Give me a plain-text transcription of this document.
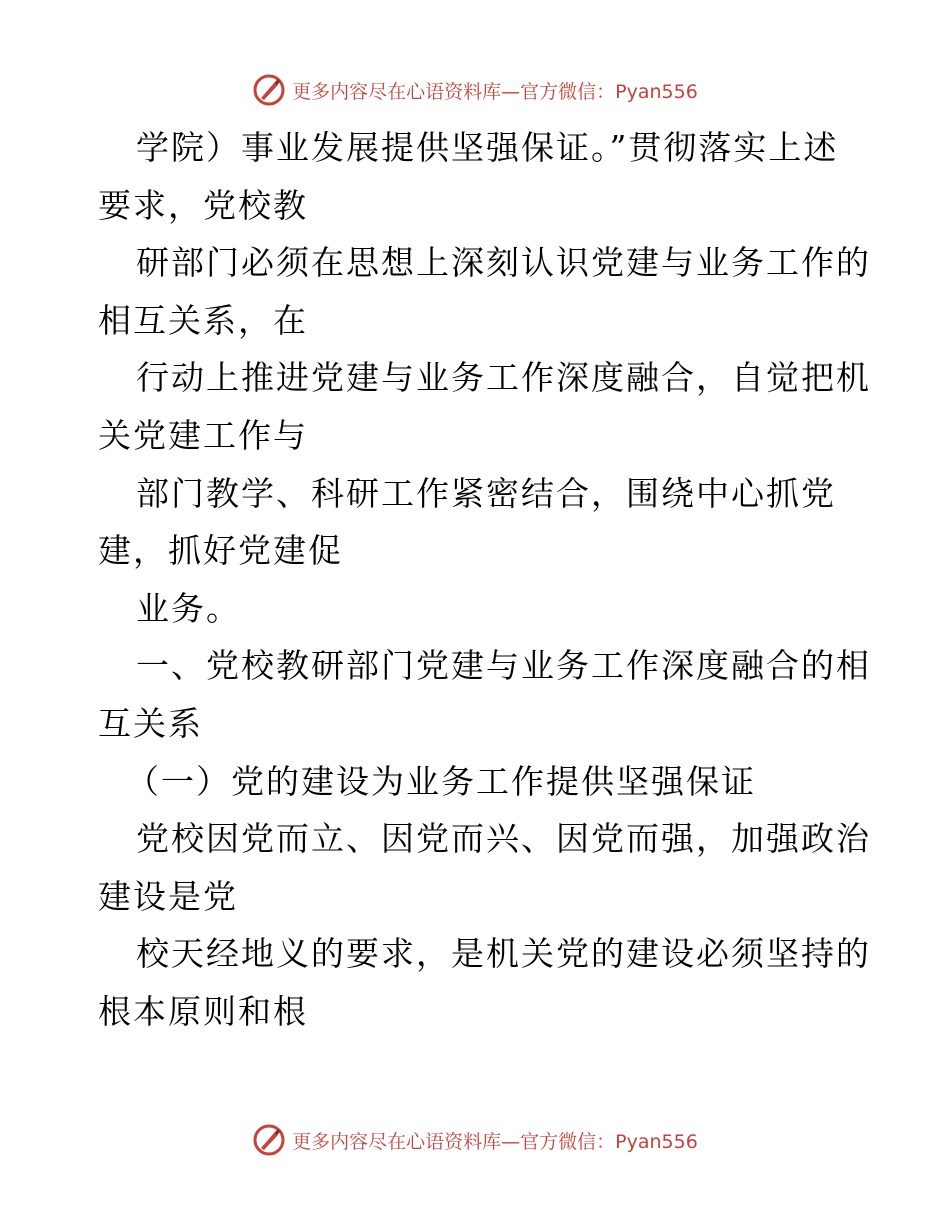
更多内容尽在心语资料库—官方微信：Pyan556
学院）事业发展提供坚强保证。”贯彻落实上述
要求，党校教
研部门必须在思想上深刻认识党建与业务工作的
相互关系，在
行动上推进党建与业务工作深度融合，自觉把机
关党建工作与
部门教学、科研工作紧密结合，围绕中心抓党
建，抓好党建促
业务。
一、党校教研部门党建与业务工作深度融合的相
互关系
（一）党的建设为业务工作提供坚强保证
党校因党而立、因党而兴、因党而强，加强政治
建设是党
校天经地义的要求，是机关党的建设必须坚持的
根本原则和根
更多内容尽在心语资料库—官方微信：Pyan556
